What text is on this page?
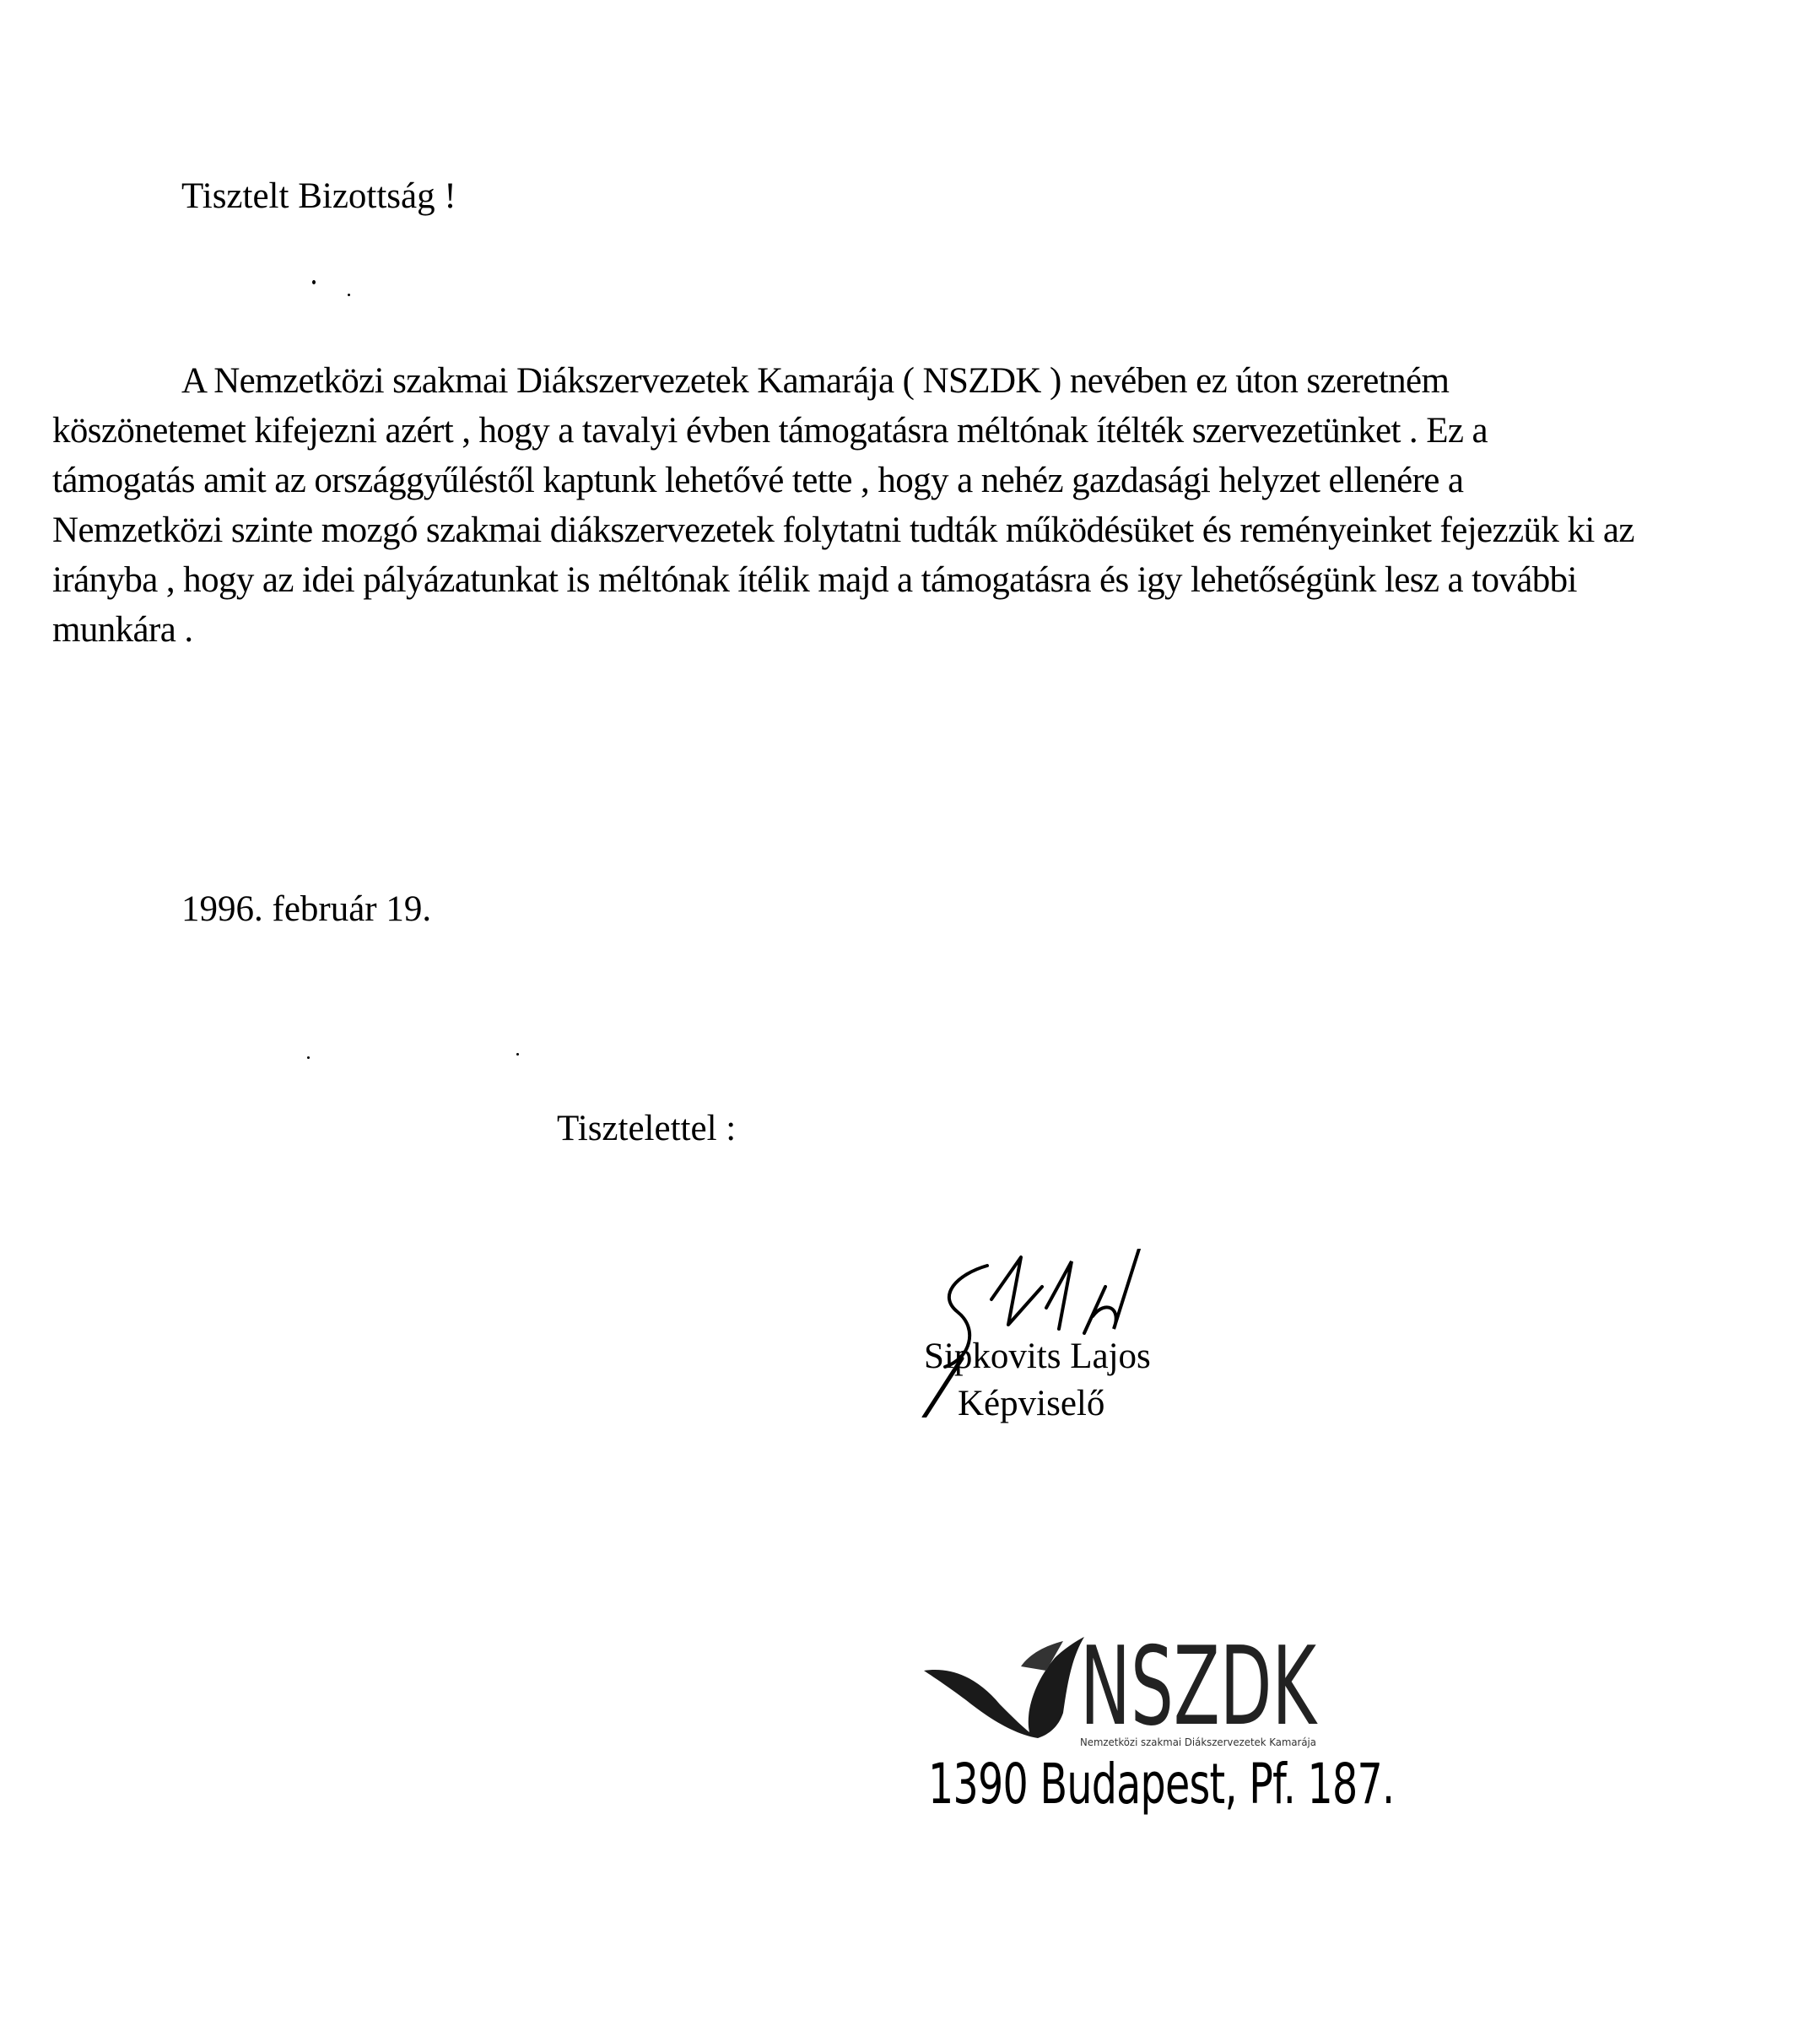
Tisztelt Bizottság !

A Nemzetközi szakmai Diákszervezetek Kamarája ( NSZDK ) nevében ez úton szeretném köszönetemet kifejezni azért , hogy a tavalyi évben támogatásra méltónak ítélték szervezetünket . Ez a támogatás amit az országgyűléstől kaptunk lehetővé tette , hogy a nehéz gazdasági helyzet ellenére a Nemzetközi szinte mozgó szakmai diákszervezetek folytatni tudták működésüket és reményeinket fejezzük ki az irányba , hogy az idei pályázatunkat is méltónak ítélik majd a támogatásra és igy lehetőségünk lesz a további munkára .

1996. február 19.
Tisztelettel :
Sipkovits Lajos
Képviselő
NSZDK
Nemzetközi szakmai Diákszervezetek Kamarája
1390 Budapest, Pf. 187.
